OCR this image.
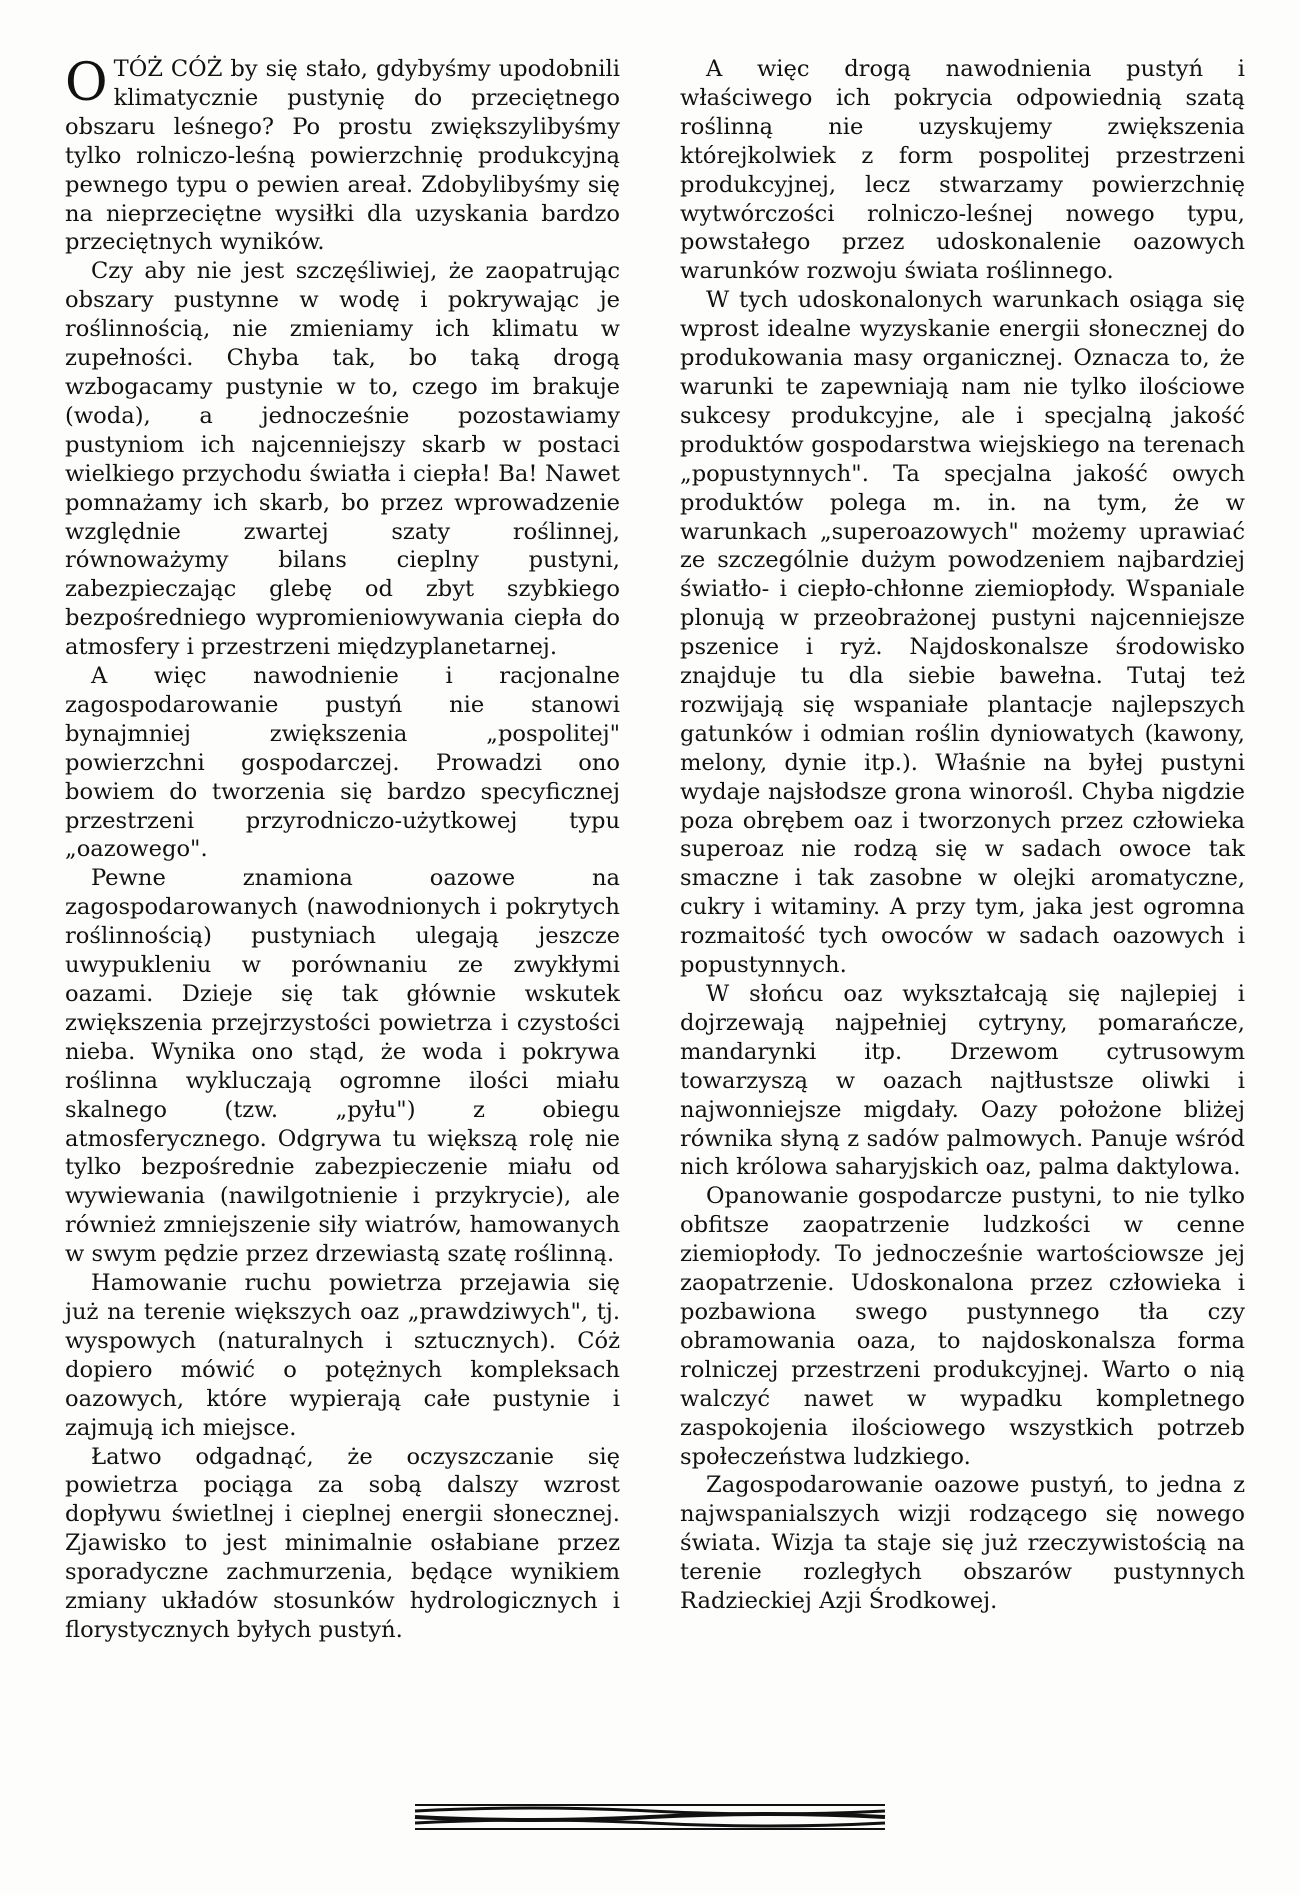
OTÓŻ CÓŻ by się stało, gdybyśmy upodobnili klimatycznie pustynię do przeciętnego obszaru leśnego? Po prostu zwiększylibyśmy tylko rolniczo-leśną powierzchnię produkcyjną pewnego typu o pewien areał. Zdobylibyśmy się na nieprzeciętne wysiłki dla uzyskania bardzo przeciętnych wyników.

Czy aby nie jest szczęśliwiej, że zaopatrując obszary pustynne w wodę i pokrywając je roślinnością, nie zmieniamy ich klimatu w zupełności. Chyba tak, bo taką drogą wzbogacamy pustynie w to, czego im brakuje (woda), a jednocześnie pozostawiamy pustyniom ich najcenniejszy skarb w postaci wielkiego przychodu światła i ciepła! Ba! Nawet pomnażamy ich skarb, bo przez wprowadzenie względnie zwartej szaty roślinnej, równoważymy bilans cieplny pustyni, zabezpieczając glebę od zbyt szybkiego bezpośredniego wypromieniowywania ciepła do atmosfery i przestrzeni międzyplanetarnej.

A więc nawodnienie i racjonalne zagospodarowanie pustyń nie stanowi bynajmniej zwiększenia „pospolitej" powierzchni gospodarczej. Prowadzi ono bowiem do tworzenia się bardzo specyficznej przestrzeni przyrodniczo-użytkowej typu „oazowego".

Pewne znamiona oazowe na zagospodarowanych (nawodnionych i pokrytych roślinnością) pustyniach ulegają jeszcze uwypukleniu w porównaniu ze zwykłymi oazami. Dzieje się tak głównie wskutek zwiększenia przejrzystości powietrza i czystości nieba. Wynika ono stąd, że woda i pokrywa roślinna wykluczają ogromne ilości miału skalnego (tzw. „pyłu") z obiegu atmosferycznego. Odgrywa tu większą rolę nie tylko bezpośrednie zabezpieczenie miału od wywiewania (nawilgotnienie i przykrycie), ale również zmniejszenie siły wiatrów, hamowanych w swym pędzie przez drzewiastą szatę roślinną.

Hamowanie ruchu powietrza przejawia się już na terenie większych oaz „prawdziwych", tj. wyspowych (naturalnych i sztucznych). Cóż dopiero mówić o potężnych kompleksach oazowych, które wypierają całe pustynie i zajmują ich miejsce.

Łatwo odgadnąć, że oczyszczanie się powietrza pociąga za sobą dalszy wzrost dopływu świetlnej i cieplnej energii słonecznej. Zjawisko to jest minimalnie osłabiane przez sporadyczne zachmurzenia, będące wynikiem zmiany układów stosunków hydrologicznych i florystycznych byłych pustyń.

A więc drogą nawodnienia pustyń i właściwego ich pokrycia odpowiednią szatą roślinną nie uzyskujemy zwiększenia którejkolwiek z form pospolitej przestrzeni produkcyjnej, lecz stwarzamy powierzchnię wytwórczości rolniczo-leśnej nowego typu, powstałego przez udoskonalenie oazowych warunków rozwoju świata roślinnego.

W tych udoskonalonych warunkach osiąga się wprost idealne wyzyskanie energii słonecznej do produkowania masy organicznej. Oznacza to, że warunki te zapewniają nam nie tylko ilościowe sukcesy produkcyjne, ale i specjalną jakość produktów gospodarstwa wiejskiego na terenach „popustynnych". Ta specjalna jakość owych produktów polega m. in. na tym, że w warunkach „superoazowych" możemy uprawiać ze szczególnie dużym powodzeniem najbardziej światło- i ciepło-chłonne ziemiopłody. Wspaniale plonują w przeobrażonej pustyni najcenniejsze pszenice i ryż. Najdoskonalsze środowisko znajduje tu dla siebie bawełna. Tutaj też rozwijają się wspaniałe plantacje najlepszych gatunków i odmian roślin dyniowatych (kawony, melony, dynie itp.). Właśnie na byłej pustyni wydaje najsłodsze grona winorośl. Chyba nigdzie poza obrębem oaz i tworzonych przez człowieka superoaz nie rodzą się w sadach owoce tak smaczne i tak zasobne w olejki aromatyczne, cukry i witaminy. A przy tym, jaka jest ogromna rozmaitość tych owoców w sadach oazowych i popustynnych.

W słońcu oaz wykształcają się najlepiej i dojrzewają najpełniej cytryny, pomarańcze, mandarynki itp. Drzewom cytrusowym towarzyszą w oazach najtłustsze oliwki i najwonniejsze migdały. Oazy położone bliżej równika słyną z sadów palmowych. Panuje wśród nich królowa saharyjskich oaz, palma daktylowa.

Opanowanie gospodarcze pustyni, to nie tylko obfitsze zaopatrzenie ludzkości w cenne ziemiopłody. To jednocześnie wartościowsze jej zaopatrzenie. Udoskonalona przez człowieka i pozbawiona swego pustynnego tła czy obramowania oaza, to najdoskonalsza forma rolniczej przestrzeni produkcyjnej. Warto o nią walczyć nawet w wypadku kompletnego zaspokojenia ilościowego wszystkich potrzeb społeczeństwa ludzkiego.

Zagospodarowanie oazowe pustyń, to jedna z najwspanialszych wizji rodzącego się nowego świata. Wizja ta staje się już rzeczywistością na terenie rozległych obszarów pustynnych Radzieckiej Azji Środkowej.
